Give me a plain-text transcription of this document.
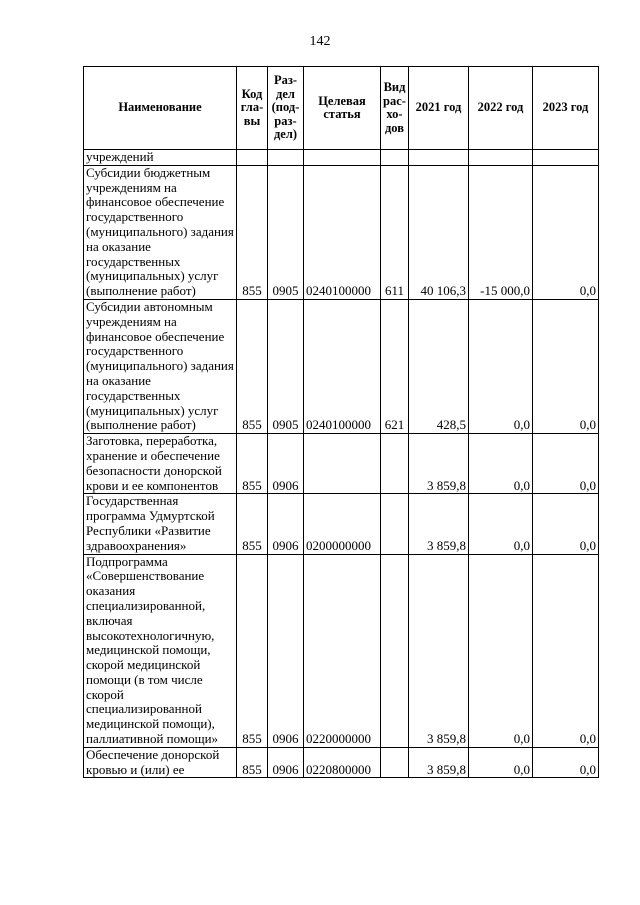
142
Наименование	Код
гла-
вы	Раз-
дел
(под-
раз-
дел)	Целевая
статья	Вид
рас-
хо-
дов	2021 год	2022 год	2023 год
учреждений							
Субсидии бюджетным учреждениям на финансовое обеспечение государственного (муниципального) задания на оказание государственных (муниципальных) услуг (выполнение работ)	855	0905	0240100000	611	40 106,3	-15 000,0	0,0
Субсидии автономным учреждениям на финансовое обеспечение государственного (муниципального) задания на оказание государственных (муниципальных) услуг (выполнение работ)	855	0905	0240100000	621	428,5	0,0	0,0
Заготовка, переработка, хранение и обеспечение безопасности донорской крови и ее компонентов	855	0906			3 859,8	0,0	0,0
Государственная программа Удмуртской Республики «Развитие здравоохранения»	855	0906	0200000000		3 859,8	0,0	0,0
Подпрограмма «Совершенствование оказания специализированной, включая высокотехнологичную, медицинской помощи, скорой медицинской помощи (в том числе скорой специализированной медицинской помощи), паллиативной помощи»	855	0906	0220000000		3 859,8	0,0	0,0
Обеспечение донорской кровью и (или) ее	855	0906	0220800000		3 859,8	0,0	0,0
